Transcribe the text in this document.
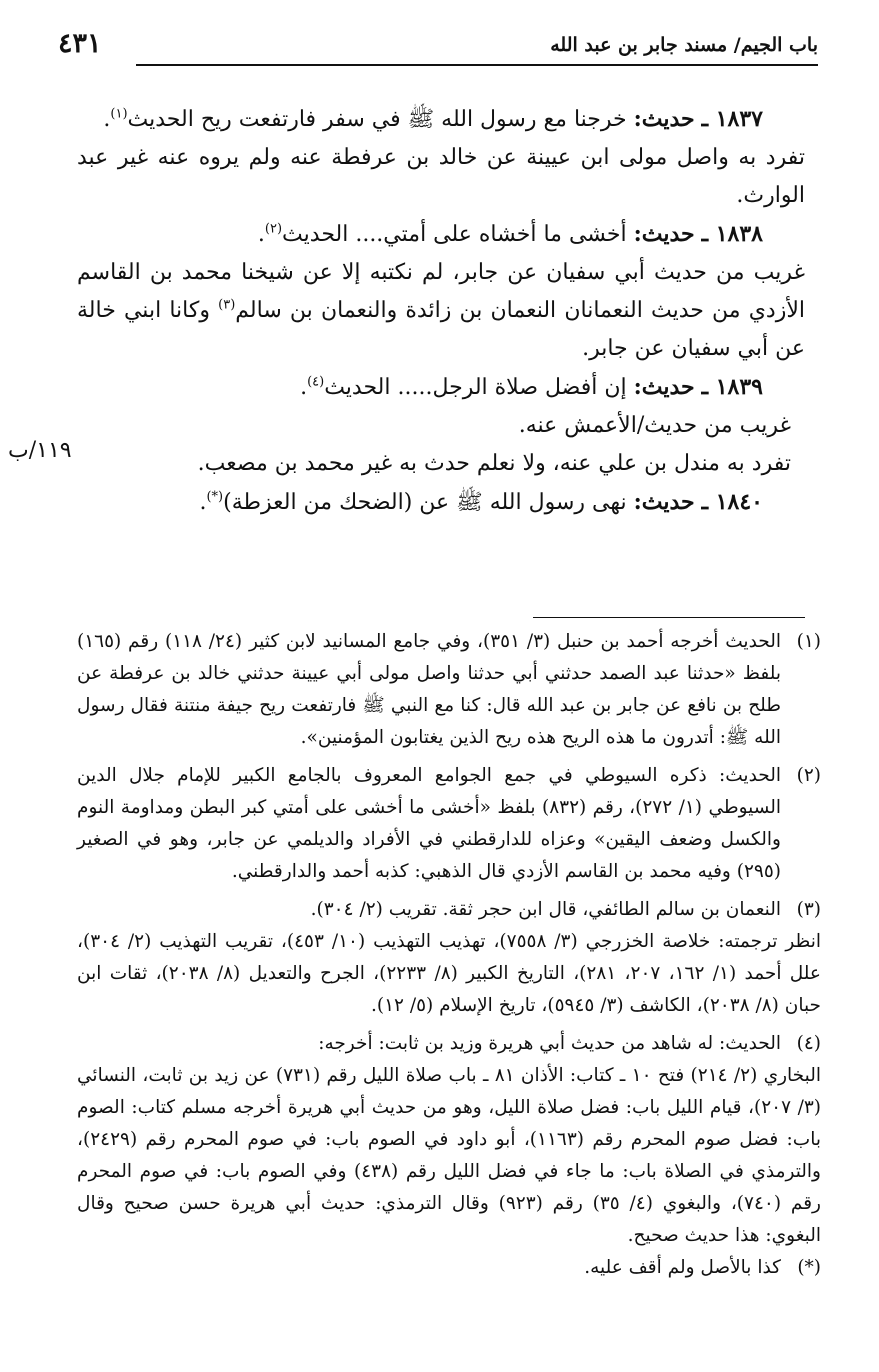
باب الجيم/ مسند جابر بن عبد الله
٤٣١
١١٩/ب

١٨٣٧ ـ حديث: خرجنا مع رسول الله ﷺ في سفر فارتفعت ريح الحديث$^{(١)}$.

تفرد به واصل مولى ابن عيينة عن خالد بن عرفطة عنه ولم يروه عنه غير عبد الوارث.

١٨٣٨ ـ حديث: أخشى ما أخشاه على أمتي.... الحديث$^{(٢)}$.

غريب من حديث أبي سفيان عن جابر، لم نكتبه إلا عن شيخنا محمد بن القاسم الأزدي من حديث النعمانان النعمان بن زائدة والنعمان بن سالم$^{(٣)}$ وكانا ابني خالة عن أبي سفيان عن جابر.

١٨٣٩ ـ حديث: إن أفضل صلاة الرجل..... الحديث$^{(٤)}$.

غريب من حديث/الأعمش عنه.

تفرد به مندل بن علي عنه، ولا نعلم حدث به غير محمد بن مصعب.

١٨٤٠ ـ حديث: نهى رسول الله ﷺ عن (الضحك من العزطة)(*).

(١)
الحديث أخرجه أحمد بن حنبل (٣/ ٣٥١)، وفي جامع المسانيد لابن كثير (٢٤/ ١١٨) رقم (١٦٥) بلفظ «حدثنا عبد الصمد حدثني أبي حدثنا واصل مولى أبي عيينة حدثني خالد بن عرفطة عن طلح بن نافع عن جابر بن عبد الله قال: كنا مع النبي ﷺ فارتفعت ريح جيفة منتنة فقال رسول الله ﷺ: أتدرون ما هذه الريح هذه ريح الذين يغتابون المؤمنين».

(٢)
الحديث: ذكره السيوطي في جمع الجوامع المعروف بالجامع الكبير للإمام جلال الدين السيوطي (١/ ٢٧٢)، رقم (٨٣٢) بلفظ «أخشى ما أخشى على أمتي كبر البطن ومداومة النوم والكسل وضعف اليقين» وعزاه للدارقطني في الأفراد والديلمي عن جابر، وهو في الصغير (٢٩٥) وفيه محمد بن القاسم الأزدي قال الذهبي: كذبه أحمد والدارقطني.

(٣)
النعمان بن سالم الطائفي، قال ابن حجر ثقة. تقريب (٢/ ٣٠٤).

انظر ترجمته: خلاصة الخزرجي (٣/ ٧٥٥٨)، تهذيب التهذيب (١٠/ ٤٥٣)، تقريب التهذيب (٢/ ٣٠٤)، علل أحمد (١/ ١٦٢، ٢٠٧، ٢٨١)، التاريخ الكبير (٨/ ٢٢٣٣)، الجرح والتعديل (٨/ ٢٠٣٨)، ثقات ابن حبان (٨/ ٢٠٣٨)، الكاشف (٣/ ٥٩٤٥)، تاريخ الإسلام (٥/ ١٢).

(٤)
الحديث: له شاهد من حديث أبي هريرة وزيد بن ثابت: أخرجه:

البخاري (٢/ ٢١٤) فتح ١٠ ـ كتاب: الأذان ٨١ ـ باب صلاة الليل رقم (٧٣١) عن زيد بن ثابت، النسائي (٣/ ٢٠٧)، قيام الليل باب: فضل صلاة الليل، وهو من حديث أبي هريرة أخرجه مسلم كتاب: الصوم باب: فضل صوم المحرم رقم (١١٦٣)، أبو داود في الصوم باب: في صوم المحرم رقم (٢٤٢٩)، والترمذي في الصلاة باب: ما جاء في فضل الليل رقم (٤٣٨) وفي الصوم باب: في صوم المحرم رقم (٧٤٠)، والبغوي (٤/ ٣٥) رقم (٩٢٣) وقال الترمذي: حديث أبي هريرة حسن صحيح وقال البغوي: هذا حديث صحيح.

(*)
كذا بالأصل ولم أقف عليه.
